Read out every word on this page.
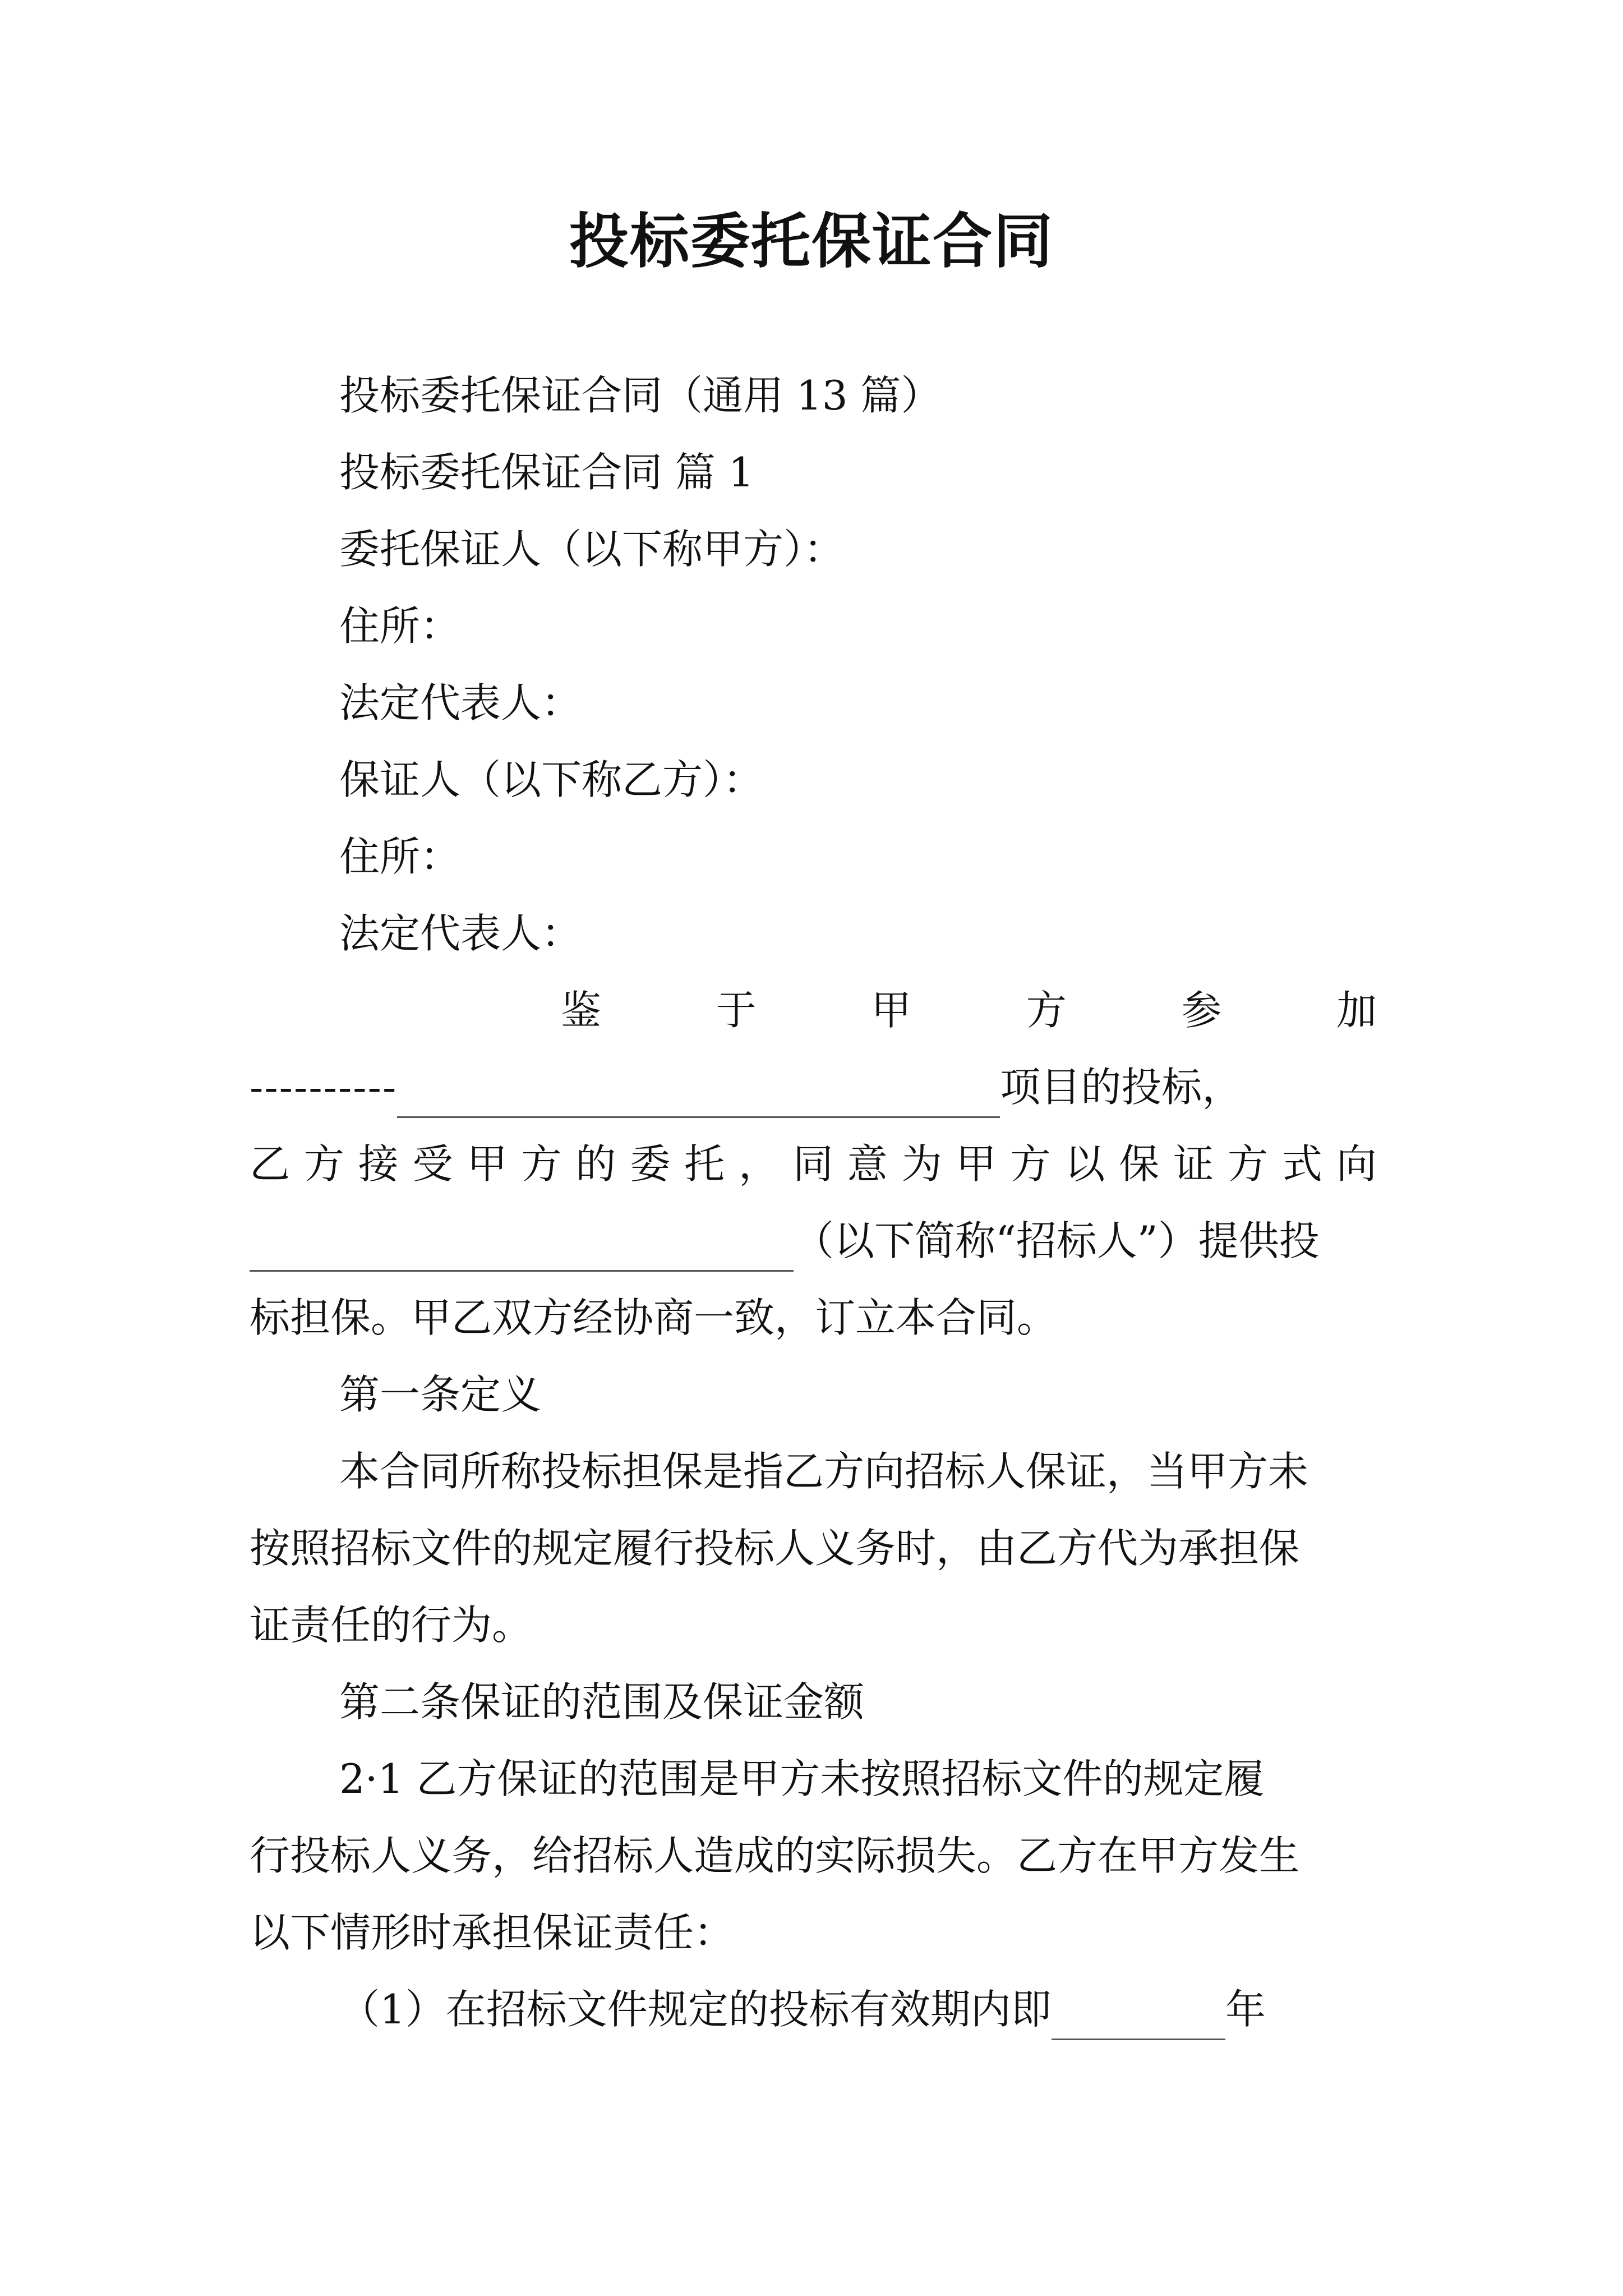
投标委托保证合同
投标委托保证合同（通用 13 篇）
投标委托保证合同 篇 1
委托保证人（以下称甲方）：
住所：
法定代表人：
保证人（以下称乙方）：
住所：
法定代表人：
鉴	于	甲	方	参	加
----------	项目的投标，
乙 方 接 受 甲 方 的 委 托 ， 同 意 为 甲 方 以 保 证 方 式 向
（以下简称“招标人”）提供投
标担保。甲乙双方经协商一致，订立本合同。
第一条定义
本合同所称投标担保是指乙方向招标人保证，当甲方未
按照招标文件的规定履行投标人义务时，由乙方代为承担保
证责任的行为。
第二条保证的范围及保证金额
2·1 乙方保证的范围是甲方未按照招标文件的规定履
行投标人义务，给招标人造成的实际损失。乙方在甲方发生
以下情形时承担保证责任：
（1）在招标文件规定的投标有效期内即	年
